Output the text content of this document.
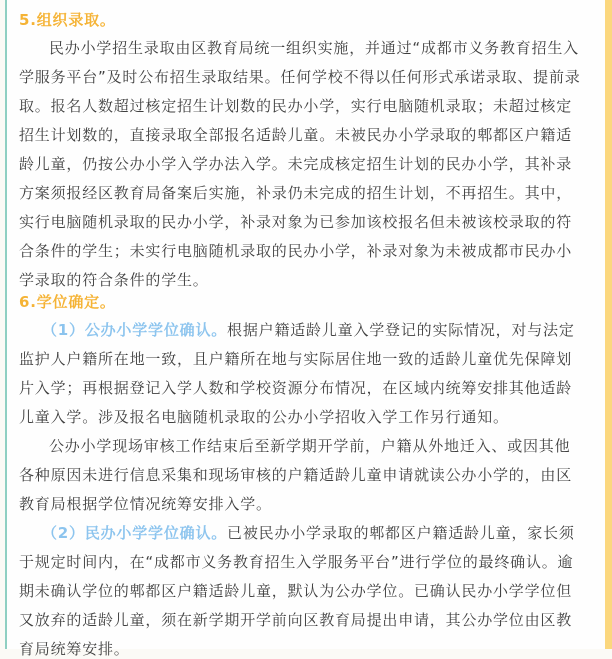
5.组织录取。
民办小学招生录取由区教育局统一组织实施，并通过“成都市义务教育招生入
学服务平台”及时公布招生录取结果。任何学校不得以任何形式承诺录取、提前录
取。报名人数超过核定招生计划数的民办小学，实行电脑随机录取；未超过核定
招生计划数的，直接录取全部报名适龄儿童。未被民办小学录取的郫都区户籍适
龄儿童，仍按公办小学入学办法入学。未完成核定招生计划的民办小学，其补录
方案须报经区教育局备案后实施，补录仍未完成的招生计划，不再招生。其中，
实行电脑随机录取的民办小学，补录对象为已参加该校报名但未被该校录取的符
合条件的学生；未实行电脑随机录取的民办小学，补录对象为未被成都市民办小
学录取的符合条件的学生。
6.学位确定。
（1）公办小学学位确认。根据户籍适龄儿童入学登记的实际情况，对与法定
监护人户籍所在地一致，且户籍所在地与实际居住地一致的适龄儿童优先保障划
片入学；再根据登记入学人数和学校资源分布情况，在区域内统筹安排其他适龄
儿童入学。涉及报名电脑随机录取的公办小学招收入学工作另行通知。
公办小学现场审核工作结束后至新学期开学前，户籍从外地迁入、或因其他
各种原因未进行信息采集和现场审核的户籍适龄儿童申请就读公办小学的，由区
教育局根据学位情况统筹安排入学。
（2）民办小学学位确认。已被民办小学录取的郫都区户籍适龄儿童，家长须
于规定时间内，在“成都市义务教育招生入学服务平台”进行学位的最终确认。逾
期未确认学位的郫都区户籍适龄儿童，默认为公办学位。已确认民办小学学位但
又放弃的适龄儿童，须在新学期开学前向区教育局提出申请，其公办学位由区教
育局统筹安排。
